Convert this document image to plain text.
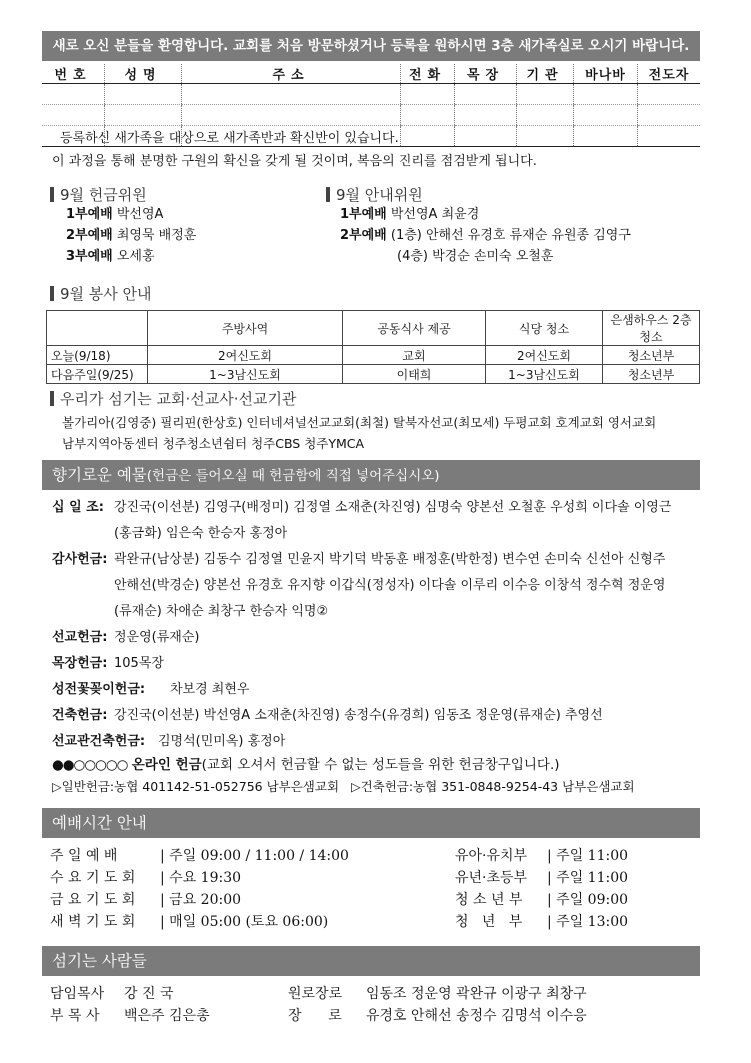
새로 오신 분들을 환영합니다. 교회를 처음 방문하셨거나 등록을 원하시면 3층 새가족실로 오시기 바랍니다.
번호	성명	주소	전화	목장	기관	바나바	전도자

등록하신 새가족을 대상으로 새가족반과 확신반이 있습니다.
이 과정을 통해 분명한 구원의 확신을 갖게 될 것이며, 복음의 진리를 점검받게 됩니다.
9월 헌금위원
1부예배 박선영A
2부예배 최영묵 배정훈
3부예배 오세홍
9월 안내위원
1부예배 박선영A 최윤경
2부예배 (1층) 안해선 유경호 류재순 유원종 김영구
(4층) 박경순 손미숙 오철훈
9월 봉사 안내
	주방사역	공동식사 제공	식당 청소	은샘하우스 2층 청소
오늘(9/18)	2여신도회	교회	2여신도회	청소년부
다음주일(9/25)	1~3남신도회	이태희	1~3남신도회	청소년부
우리가 섬기는 교회·선교사·선교기관
볼가리아(김영중) 필리핀(한상호) 인터네셔널선교교회(최철) 탈북자선교(최모세) 두평교회 호계교회 영서교회
남부지역아동센터 청주청소년쉼터 청주CBS 청주YMCA
향기로운 예물(헌금은 들어오실 때 헌금함에 직접 넣어주십시오)
십 일 조: 강진국(이선분) 김영구(배정미) 김정열 소재춘(차진영) 심명숙 양본선 오철훈 우성희 이다솔 이영근
(홍금화) 임은숙 한승자 홍정아
감사헌금: 곽완규(남상분) 김동수 김정열 민윤지 박기덕 박동훈 배정훈(박한정) 변수연 손미숙 신선아 신형주
안해선(박경순) 양본선 유경호 유지향 이갑식(정성자) 이다솔 이루리 이수응 이창석 정수혁 정운영
(류재순) 차애순 최창구 한승자 익명②
선교헌금: 정운영(류재순)
목장헌금: 105목장
성전꽃꽂이헌금: 차보경 최현우
건축헌금: 강진국(이선분) 박선영A 소재춘(차진영) 송정수(유경희) 임동조 정운영(류재순) 추영선
선교관건축헌금: 김명석(민미옥) 홍정아
●●○○○○○ 온라인 헌금(교회 오셔서 헌금할 수 없는 성도들을 위한 헌금창구입니다.)
▷일반헌금:농협 401142-51-052756 남부은샘교회   ▷건축헌금:농협 351-0848-9254-43 남부은샘교회
예배시간 안내
주 일 예 배	| 주일 09:00 / 11:00 / 14:00
수 요 기 도 회 | 수요 19:30
금 요 기 도 회 | 금요 20:00
새 벽 기 도 회 | 매일 05:00 (토요 06:00)
유아·유치부 | 주일 11:00
유년·초등부 | 주일 11:00
청 소 년 부 | 주일 09:00
청   년   부 | 주일 13:00
섬기는 사람들
담임목사 강 진 국
부 목 사 백은주 김은총
원로장로 임동조 정운영 곽완규 이광구 최창구
장      로 유경호 안해선 송정수 김명석 이수응
